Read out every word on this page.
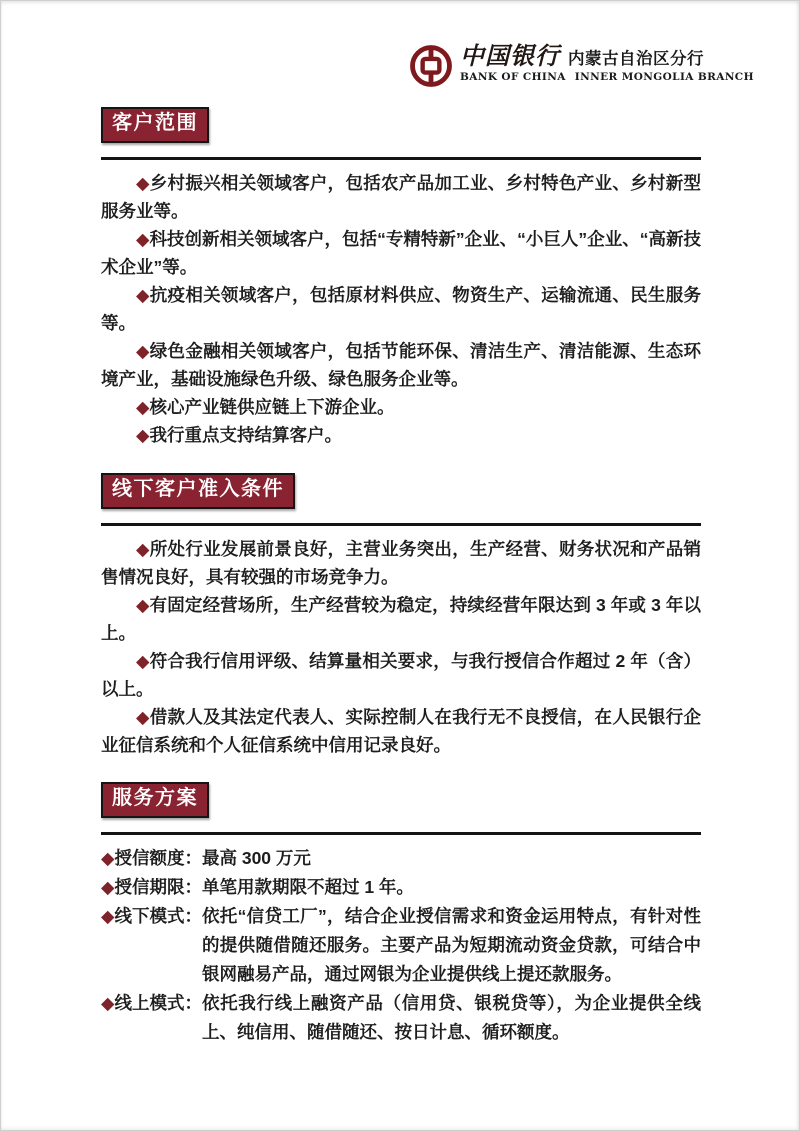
中国银行 内蒙古自治区分行
BANK OF CHINA INNER MONGOLIA BRANCH
客户范围

◆乡村振兴相关领域客户，包括农产品加工业、乡村特色产业、乡村新型服务业等。

◆科技创新相关领域客户，包括“专精特新”企业、“小巨人”企业、“高新技术企业”等。

◆抗疫相关领域客户，包括原材料供应、物资生产、运输流通、民生服务等。

◆绿色金融相关领域客户，包括节能环保、清洁生产、清洁能源、生态环境产业，基础设施绿色升级、绿色服务企业等。

◆核心产业链供应链上下游企业。

◆我行重点支持结算客户。

线下客户准入条件

◆所处行业发展前景良好，主营业务突出，生产经营、财务状况和产品销售情况良好，具有较强的市场竞争力。

◆有固定经营场所，生产经营较为稳定，持续经营年限达到 3 年或 3 年以上。

◆符合我行信用评级、结算量相关要求，与我行授信合作超过 2 年（含）以上。

◆借款人及其法定代表人、实际控制人在我行无不良授信，在人民银行企业征信系统和个人征信系统中信用记录良好。

服务方案
◆授信额度： 最高 300 万元
◆授信期限： 单笔用款期限不超过 1 年。
◆线下模式： 依托“信贷工厂”，结合企业授信需求和资金运用特点，有针对性的提供随借随还服务。主要产品为短期流动资金贷款，可结合中银网融易产品，通过网银为企业提供线上提还款服务。
◆线上模式： 依托我行线上融资产品（信用贷、银税贷等），为企业提供全线上、纯信用、随借随还、按日计息、循环额度。
